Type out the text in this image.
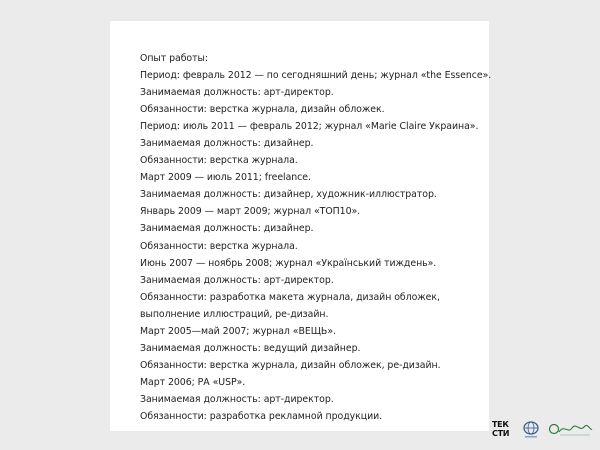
Опыт работы:
Период: февраль 2012 — по сегодняшний день; журнал «the Essence».
Занимаемая должность: арт-директор.
Обязанности: верстка журнала, дизайн обложек.
Период: июль 2011 — февраль 2012; журнал «Marie Claire Украина».
Занимаемая должность: дизайнер.
Обязанности: верстка журнала.
Март 2009 — июль 2011; freelance.
Занимаемая должность: дизайнер, художник-иллюстратор.
Январь 2009 — март 2009; журнал «ТОП10».
Занимаемая должность: дизайнер.
Обязанности: верстка журнала.
Июнь 2007 — ноябрь 2008; журнал «Український тиждень».
Занимаемая должность: арт-директор.
Обязанности: разработка макета журнала, дизайн обложек, выполнение иллюстраций, ре-дизайн.
Март 2005—май 2007; журнал «ВЕЩЬ».
Занимаемая должность: ведущий дизайнер.
Обязанности: верстка журнала, дизайн обложек, ре-дизайн.
Март 2006; РА «USP».
Занимаемая должность: арт-директор.
Обязанности: разработка рекламной продукции.
ТЕК
СТИ
